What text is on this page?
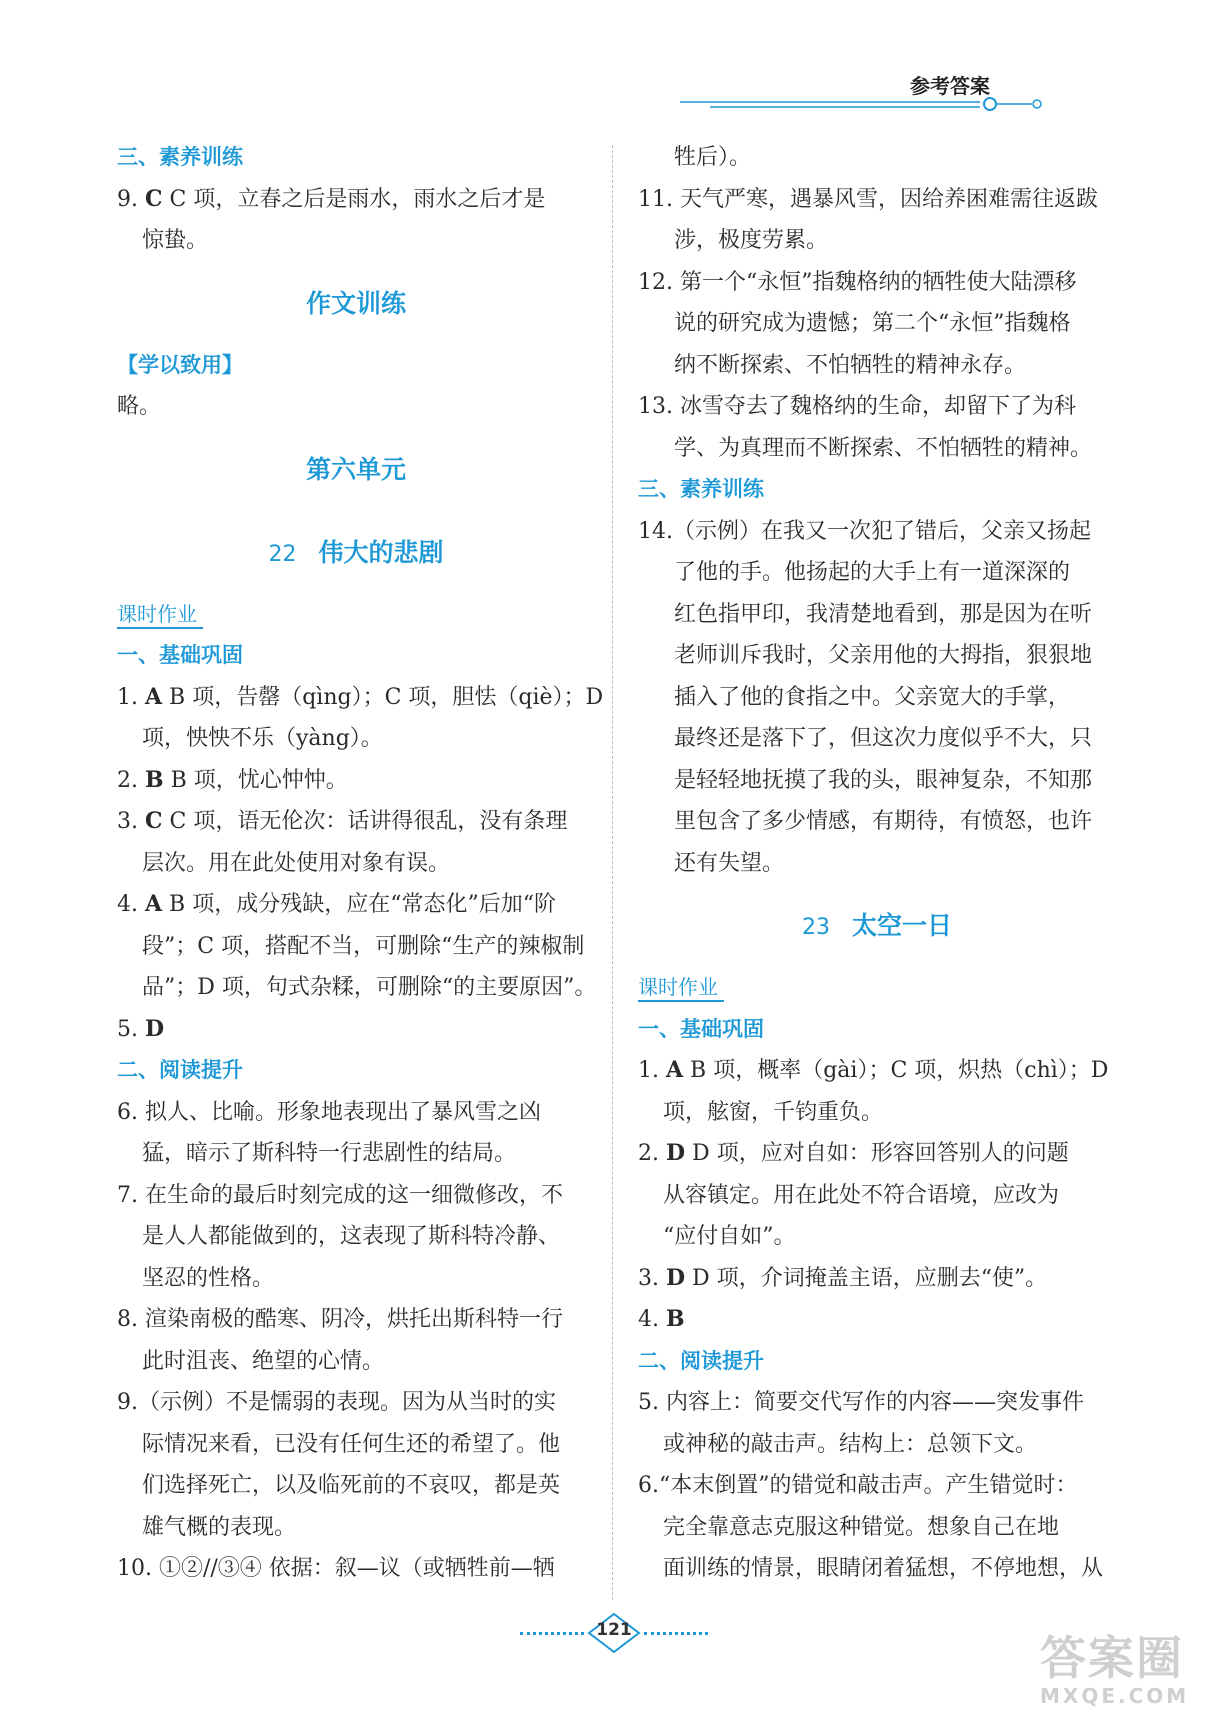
参考答案
三、素养训练
9. C C 项，立春之后是雨水，雨水之后才是
惊蛰。
作文训练
【学以致用】
略。
第六单元
22 伟大的悲剧
课时作业
一、基础巩固
1. A B 项，告罄（qìng）；C 项，胆怯（qiè）；D
项，怏怏不乐（yàng）。
2. B B 项，忧心忡忡。
3. C C 项，语无伦次：话讲得很乱，没有条理
层次。用在此处使用对象有误。
4. A B 项，成分残缺，应在“常态化”后加“阶
段”；C 项，搭配不当，可删除“生产的辣椒制
品”；D 项，句式杂糅，可删除“的主要原因”。
5. D
二、阅读提升
6. 拟人、比喻。形象地表现出了暴风雪之凶
猛，暗示了斯科特一行悲剧性的结局。
7. 在生命的最后时刻完成的这一细微修改，不
是人人都能做到的，这表现了斯科特冷静、
坚忍的性格。
8. 渲染南极的酷寒、阴冷，烘托出斯科特一行
此时沮丧、绝望的心情。
9.（示例）不是懦弱的表现。因为从当时的实
际情况来看，已没有任何生还的希望了。他
们选择死亡，以及临死前的不哀叹，都是英
雄气概的表现。
10. ①②//③④ 依据：叙—议（或牺牲前—牺
牲后）。
11. 天气严寒，遇暴风雪，因给养困难需往返跋
涉，极度劳累。
12. 第一个“永恒”指魏格纳的牺牲使大陆漂移
说的研究成为遗憾；第二个“永恒”指魏格
纳不断探索、不怕牺牲的精神永存。
13. 冰雪夺去了魏格纳的生命，却留下了为科
学、为真理而不断探索、不怕牺牲的精神。
三、素养训练
14.（示例）在我又一次犯了错后，父亲又扬起
了他的手。他扬起的大手上有一道深深的
红色指甲印，我清楚地看到，那是因为在听
老师训斥我时，父亲用他的大拇指，狠狠地
插入了他的食指之中。父亲宽大的手掌，
最终还是落下了，但这次力度似乎不大，只
是轻轻地抚摸了我的头，眼神复杂，不知那
里包含了多少情感，有期待，有愤怒，也许
还有失望。
23 太空一日
课时作业
一、基础巩固
1. A B 项，概率（gài）；C 项，炽热（chì）；D
项，舷窗，千钧重负。
2. D D 项，应对自如：形容回答别人的问题
从容镇定。用在此处不符合语境，应改为
“应付自如”。
3. D D 项，介词掩盖主语，应删去“使”。
4. B
二、阅读提升
5. 内容上：简要交代写作的内容——突发事件
或神秘的敲击声。结构上：总领下文。
6.“本末倒置”的错觉和敲击声。产生错觉时：
完全靠意志克服这种错觉。想象自己在地
面训练的情景，眼睛闭着猛想，不停地想，从
121
答案圈
MXQE.COM
